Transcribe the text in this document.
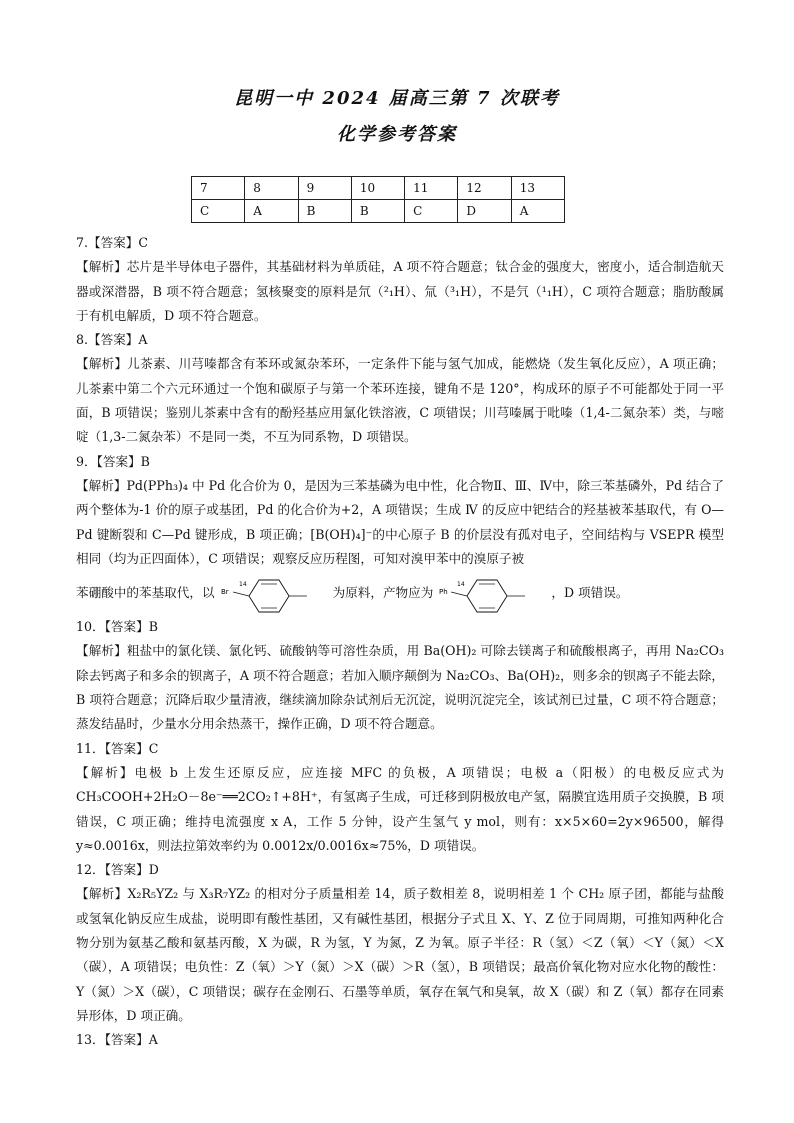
昆明一中 2024 届高三第 7 次联考
化学参考答案
7	8	9	10	11	12	13
C	A	B	B	C	D	A

7.【答案】C

【解析】芯片是半导体电子器件，其基础材料为单质硅，A 项不符合题意；钛合金的强度大，密度小，适合制造航天器或深潜器，B 项不符合题意；氢核聚变的原料是氘（²₁H）、氚（³₁H），不是氕（¹₁H），C 项符合题意；脂肪酸属于有机电解质，D 项不符合题意。

8.【答案】A

【解析】儿茶素、川芎嗪都含有苯环或氮杂苯环，一定条件下能与氢气加成，能燃烧（发生氧化反应），A 项正确；儿茶素中第二个六元环通过一个饱和碳原子与第一个苯环连接，键角不是 120°，构成环的原子不可能都处于同一平面，B 项错误；鉴别儿茶素中含有的酚羟基应用氯化铁溶液，C 项错误；川芎嗪属于吡嗪（1,4-二氮杂苯）类，与嘧啶（1,3-二氮杂苯）不是同一类，不互为同系物，D 项错误。

9．【答案】B

【解析】Pd(PPh₃)₄ 中 Pd 化合价为 0，是因为三苯基磷为电中性，化合物Ⅱ、Ⅲ、Ⅳ中，除三苯基磷外，Pd 结合了两个整体为-1 价的原子或基团，Pd 的化合价为+2，A 项错误；生成 Ⅳ 的反应中钯结合的羟基被苯基取代，有 O—Pd 键断裂和 C—Pd 键形成，B 项正确；[B(OH)₄]⁻的中心原子 B 的价层没有孤对电子，空间结构与 VSEPR 模型相同（均为正四面体），C 项错误；观察反应历程图，可知对溴甲苯中的溴原子被

苯硼酸中的苯基取代，以 Br
14
为原料，产物应为 Ph
14
，D 项错误。

10．【答案】B

【解析】粗盐中的氯化镁、氯化钙、硫酸钠等可溶性杂质，用 Ba(OH)₂ 可除去镁离子和硫酸根离子，再用 Na₂CO₃ 除去钙离子和多余的钡离子，A 项不符合题意；若加入顺序颠倒为 Na₂CO₃、Ba(OH)₂，则多余的钡离子不能去除，B 项符合题意；沉降后取少量清液，继续滴加除杂试剂后无沉淀，说明沉淀完全，该试剂已过量，C 项不符合题意；蒸发结晶时，少量水分用余热蒸干，操作正确，D 项不符合题意。

11．【答案】C

【解析】电极 b 上发生还原反应，应连接 MFC 的负极，A 项错误；电极 a（阳极）的电极反应式为 CH₃COOH+2H₂O－8e⁻══2CO₂↑+8H⁺，有氢离子生成，可迁移到阴极放电产氢，隔膜宜选用质子交换膜，B 项错误，C 项正确；维持电流强度 x A，工作 5 分钟，设产生氢气 y mol，则有：x×5×60=2y×96500，解得 y≈0.0016x，则法拉第效率约为 0.0012x/0.0016x≈75%，D 项错误。

12．【答案】D

【解析】X₂R₅YZ₂ 与 X₃R₇YZ₂ 的相对分子质量相差 14，质子数相差 8，说明相差 1 个 CH₂ 原子团，都能与盐酸或氢氧化钠反应生成盐，说明即有酸性基团，又有碱性基团，根据分子式且 X、Y、Z 位于同周期，可推知两种化合物分别为氨基乙酸和氨基丙酸，X 为碳，R 为氢，Y 为氮，Z 为氧。原子半径：R（氢）＜Z（氧）＜Y（氮）＜X（碳），A 项错误；电负性：Z（氧）＞Y（氮）＞X（碳）＞R（氢），B 项错误；最高价氧化物对应水化物的酸性：Y（氮）＞X（碳），C 项错误；碳存在金刚石、石墨等单质，氧存在氧气和臭氧，故 X（碳）和 Z（氧）都存在同素异形体，D 项正确。

13．【答案】A
